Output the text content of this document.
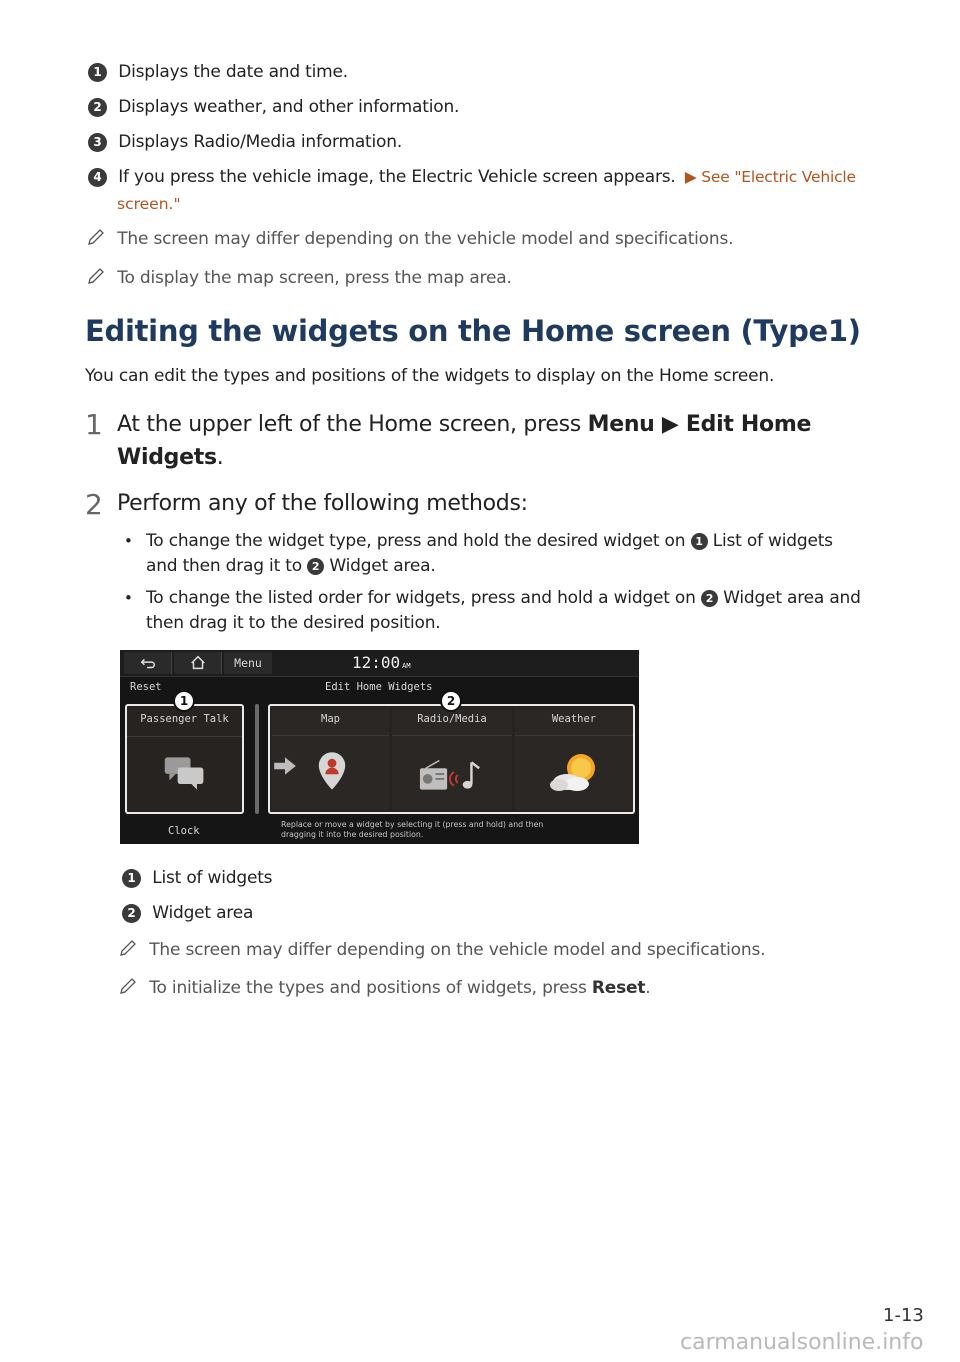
1 Displays the date and time.
2 Displays weather, and other information.
3 Displays Radio/Media information.
4 If you press the vehicle image, the Electric Vehicle screen appears. ▶ See "Electric Vehicle
screen."
The screen may differ depending on the vehicle model and specifications.
To display the map screen, press the map area.
Editing the widgets on the Home screen (Type1)
You can edit the types and positions of the widgets to display on the Home screen.
1 At the upper left of the Home screen, press Menu ▶ Edit Home
Widgets.
2 Perform any of the following methods:
• To change the widget type, press and hold the desired widget on 1 List of widgets
and then drag it to 2 Widget area.
• To change the listed order for widgets, press and hold a widget on 2 Widget area and
then drag it to the desired position.
Menu	12:00 AM
Reset	Edit Home Widgets
Passenger Talk
Clock
Map	Radio/Media	Weather
Replace or move a widget by selecting it (press and hold) and then
dragging it into the desired position.
1	2
1 List of widgets
2 Widget area
The screen may differ depending on the vehicle model and specifications.
To initialize the types and positions of widgets, press Reset.
1-13
carmanualsonline.info
